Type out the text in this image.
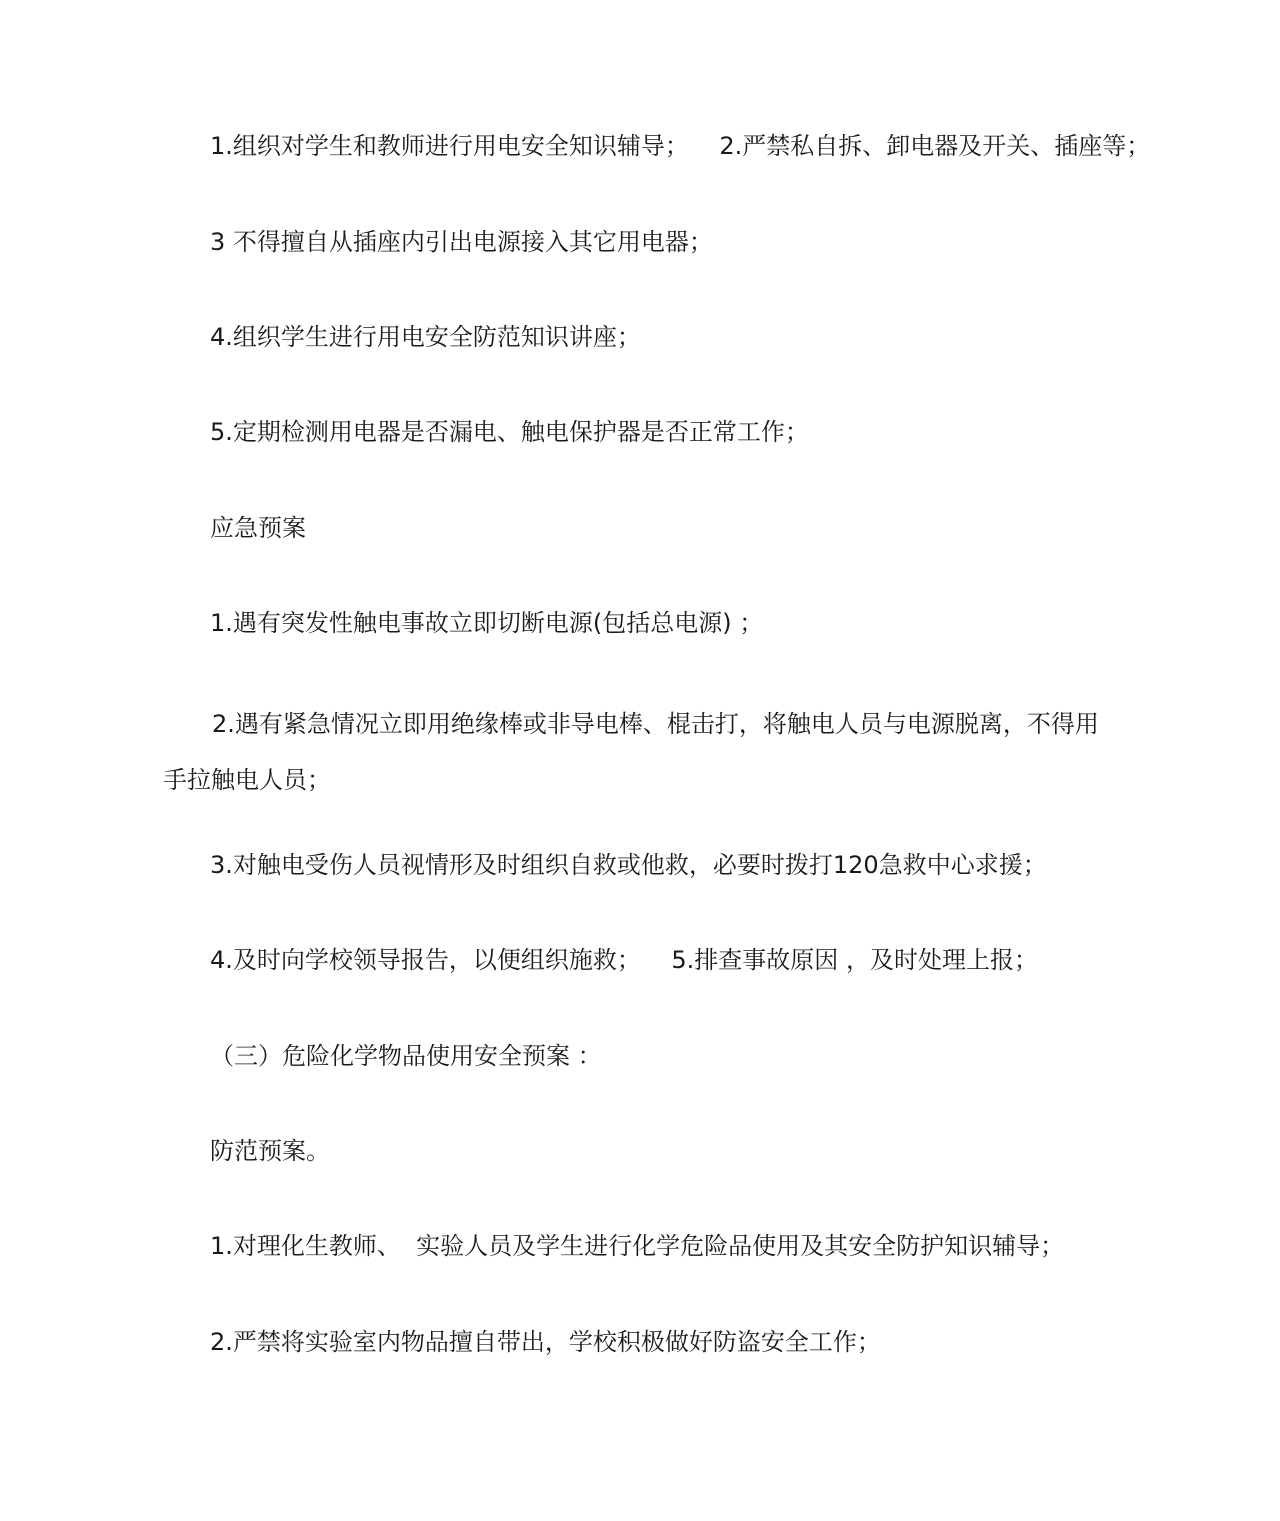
1.组织对学生和教师进行用电安全知识辅导；    2.严禁私自拆、卸电器及开关、插座等；

3 不得擅自从插座内引出电源接入其它用电器；

4.组织学生进行用电安全防范知识讲座；

5.定期检测用电器是否漏电、触电保护器是否正常工作；

应急预案

1.遇有突发性触电事故立即切断电源(包括总电源) ；

2.遇有紧急情况立即用绝缘棒或非导电棒、棍击打，将触电人员与电源脱离，不得用

手拉触电人员；

3.对触电受伤人员视情形及时组织自救或他救，必要时拨打120急救中心求援；

4.及时向学校领导报告，以便组织施救；    5.排查事故原因 ，及时处理上报；

（三）危险化学物品使用安全预案 ：

防范预案。

1.对理化生教师、  实验人员及学生进行化学危险品使用及其安全防护知识辅导；

2.严禁将实验室内物品擅自带出，学校积极做好防盗安全工作；
